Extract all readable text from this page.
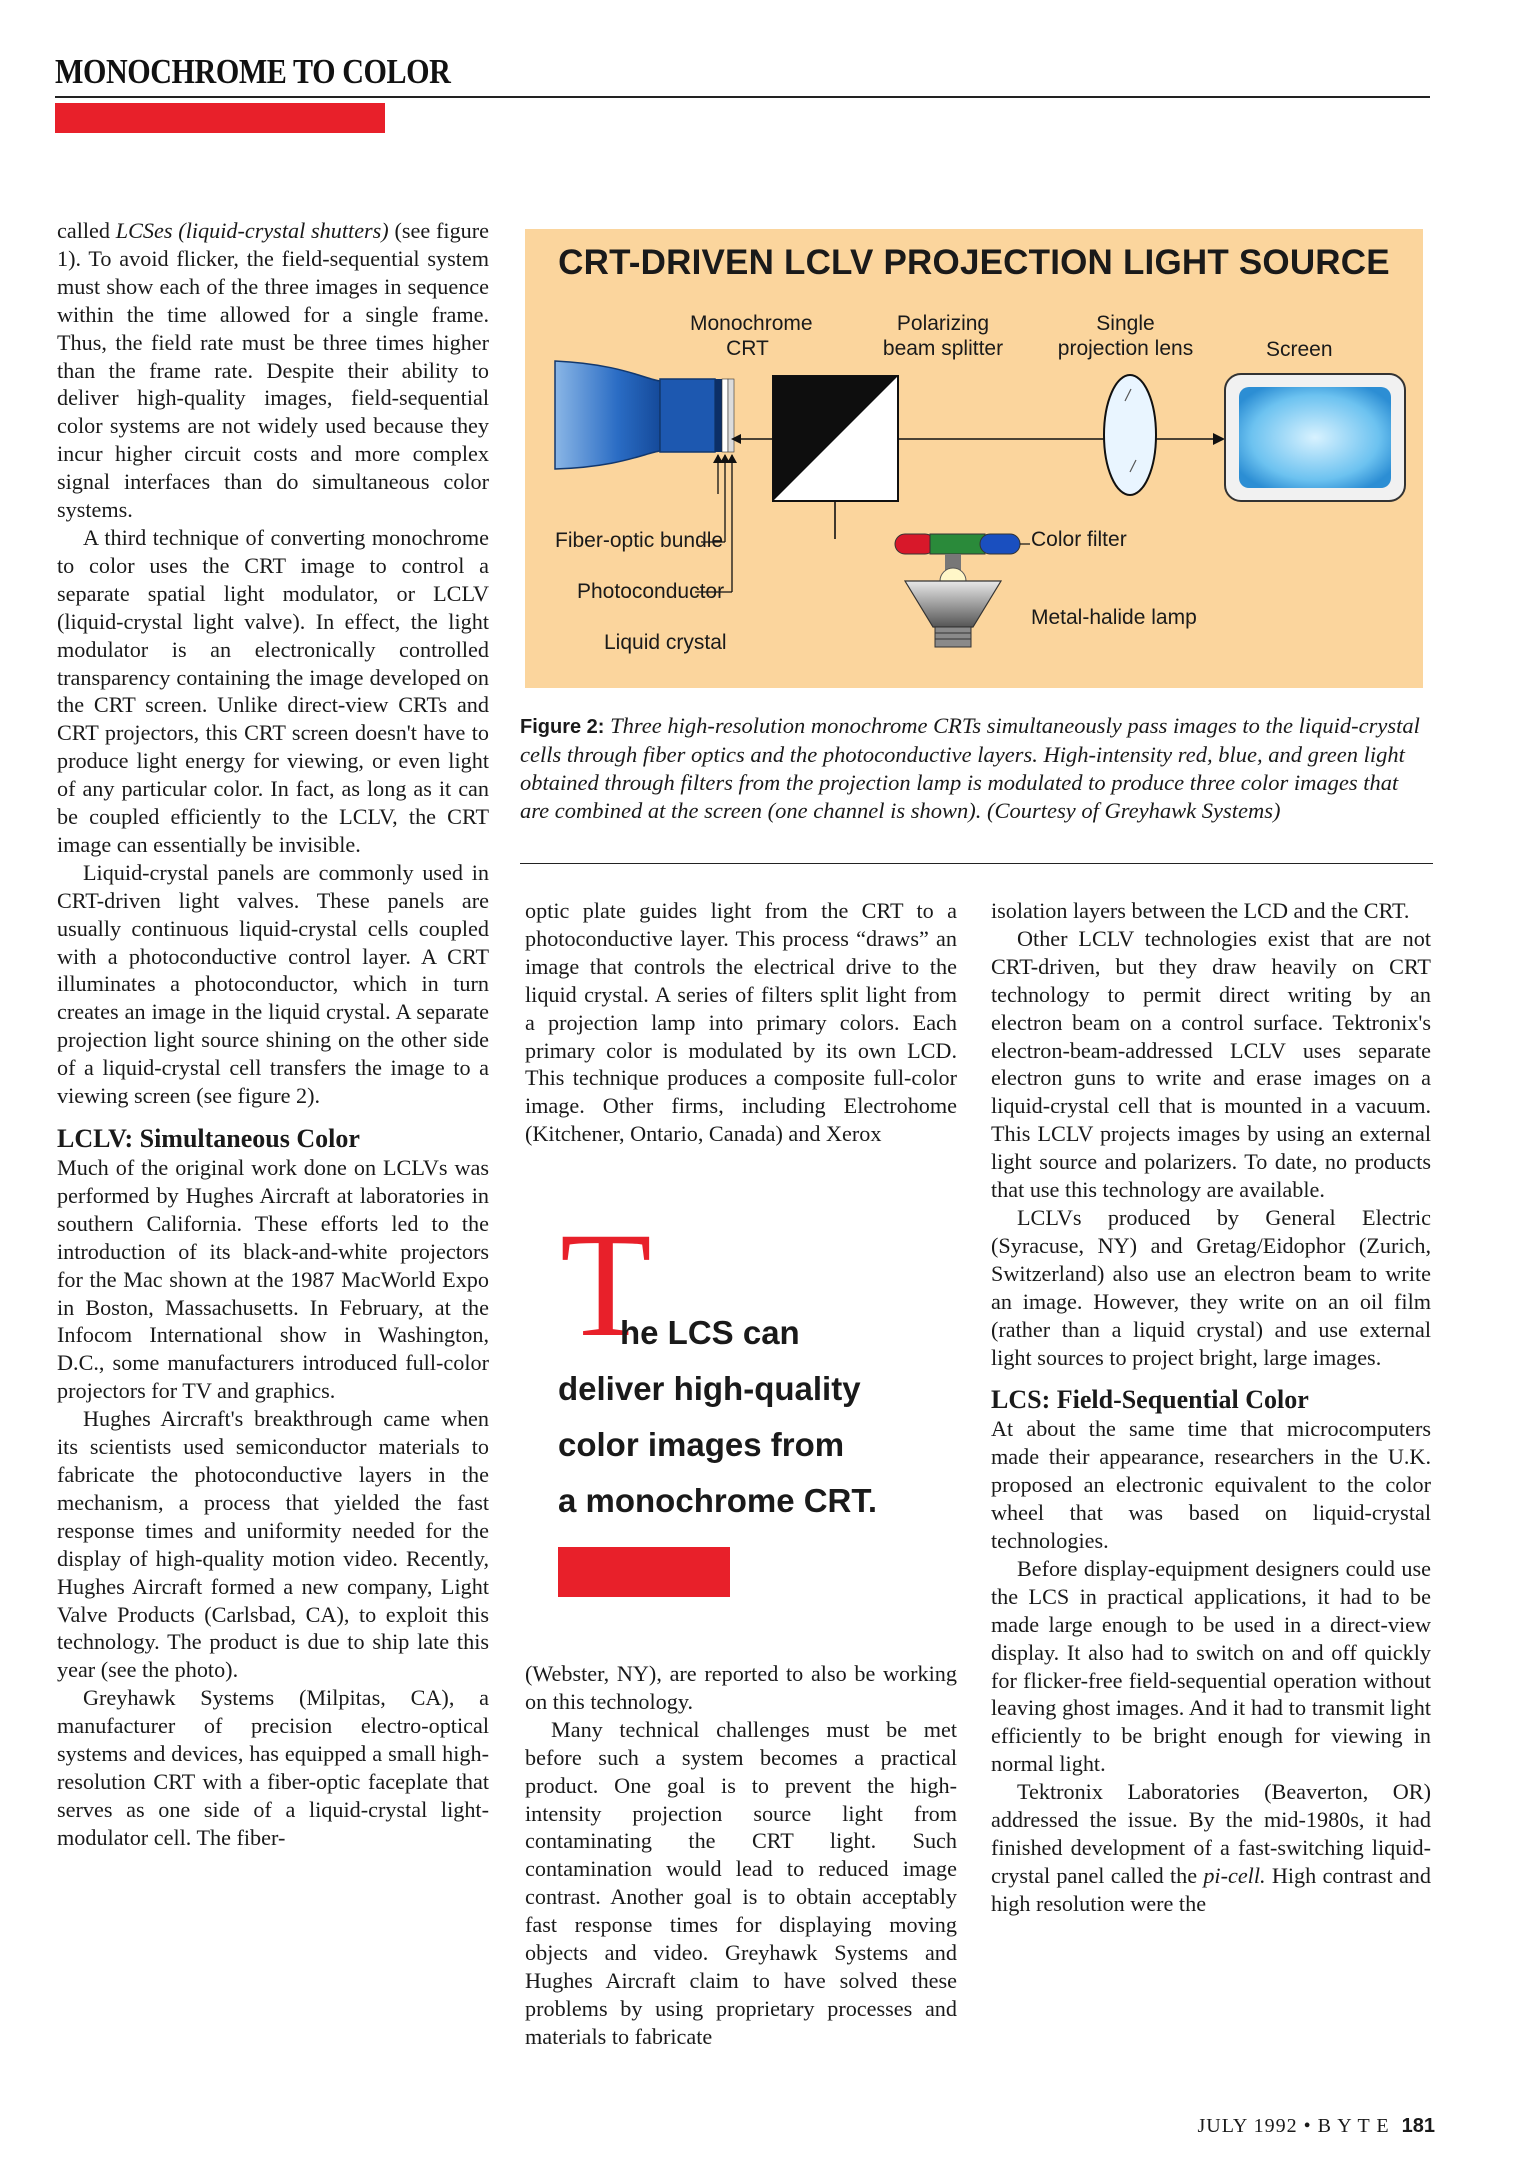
MONOCHROME TO COLOR

called LCSes (liquid-crystal shutters) (see figure 1). To avoid flicker, the field-sequential system must show each of the three images in sequence within the time allowed for a single frame. Thus, the field rate must be three times higher than the frame rate. Despite their ability to deliver high-quality images, field-sequential color systems are not widely used because they incur higher circuit costs and more complex signal interfaces than do simultaneous color systems.

A third technique of converting monochrome to color uses the CRT image to control a separate spatial light modulator, or LCLV (liquid-crystal light valve). In effect, the light modulator is an electronically controlled transparency containing the image developed on the CRT screen. Unlike direct-view CRTs and CRT projectors, this CRT screen doesn't have to produce light energy for viewing, or even light of any particular color. In fact, as long as it can be coupled efficiently to the LCLV, the CRT image can essentially be invisible.

Liquid-crystal panels are commonly used in CRT-driven light valves. These panels are usually continuous liquid-crystal cells coupled with a photoconductive control layer. A CRT illuminates a photoconductor, which in turn creates an image in the liquid crystal. A separate projection light source shining on the other side of a liquid-crystal cell transfers the image to a viewing screen (see figure 2).

LCLV: Simultaneous Color

Much of the original work done on LCLVs was performed by Hughes Aircraft at laboratories in southern California. These efforts led to the introduction of its black-and-white projectors for the Mac shown at the 1987 MacWorld Expo in Boston, Massachusetts. In February, at the Infocom International show in Washington, D.C., some manufacturers introduced full-color projectors for TV and graphics.

Hughes Aircraft's breakthrough came when its scientists used semiconductor materials to fabricate the photoconductive layers in the mechanism, a process that yielded the fast response times and uniformity needed for the display of high-quality motion video. Recently, Hughes Aircraft formed a new company, Light Valve Products (Carlsbad, CA), to exploit this technology. The product is due to ship late this year (see the photo).

Greyhawk Systems (Milpitas, CA), a manufacturer of precision electro-optical systems and devices, has equipped a small high-resolution CRT with a fiber-optic faceplate that serves as one side of a liquid-crystal light-modulator cell. The fiber-

CRT-DRIVEN LCLV PROJECTION LIGHT SOURCE
Monochrome
CRT
Polarizing
beam splitter
Single
projection lens	Screen
Fiber-optic bundle
Photoconductor
Liquid crystal
Color filter
Metal-halide lamp
Figure 2: Three high-resolution monochrome CRTs simultaneously pass images to the liquid-crystal cells through fiber optics and the photoconductive layers. High-intensity red, blue, and green light obtained through filters from the projection lamp is modulated to produce three color images that are combined at the screen (one channel is shown). (Courtesy of Greyhawk Systems)

optic plate guides light from the CRT to a photoconductive layer. This process “draws” an image that controls the electrical drive to the liquid crystal. A series of filters split light from a projection lamp into primary colors. Each primary color is modulated by its own LCD. This technique produces a composite full-color image. Other firms, including Electrohome (Kitchener, Ontario, Canada) and Xerox

T
he LCS can
deliver high-quality
color images from
a monochrome CRT.

(Webster, NY), are reported to also be working on this technology.

Many technical challenges must be met before such a system becomes a practical product. One goal is to prevent the high-intensity projection source light from contaminating the CRT light. Such contamination would lead to reduced image contrast. Another goal is to obtain acceptably fast response times for displaying moving objects and video. Greyhawk Systems and Hughes Aircraft claim to have solved these problems by using proprietary processes and materials to fabricate

isolation layers between the LCD and the CRT.

Other LCLV technologies exist that are not CRT-driven, but they draw heavily on CRT technology to permit direct writing by an electron beam on a control surface. Tektronix's electron-beam-addressed LCLV uses separate electron guns to write and erase images on a liquid-crystal cell that is mounted in a vacuum. This LCLV projects images by using an external light source and polarizers. To date, no products that use this technology are available.

LCLVs produced by General Electric (Syracuse, NY) and Gretag/Eidophor (Zurich, Switzerland) also use an electron beam to write an image. However, they write on an oil film (rather than a liquid crystal) and use external light sources to project bright, large images.

LCS: Field-Sequential Color

At about the same time that microcomputers made their appearance, researchers in the U.K. proposed an electronic equivalent to the color wheel that was based on liquid-crystal technologies.

Before display-equipment designers could use the LCS in practical applications, it had to be made large enough to be used in a direct-view display. It also had to switch on and off quickly for flicker-free field-sequential operation without leaving ghost images. And it had to transmit light efficiently to be bright enough for viewing in normal light.

Tektronix Laboratories (Beaverton, OR) addressed the issue. By the mid-1980s, it had finished development of a fast-switching liquid-crystal panel called the pi-cell. High contrast and high resolution were the

JULY 1992 • B Y T E 181
